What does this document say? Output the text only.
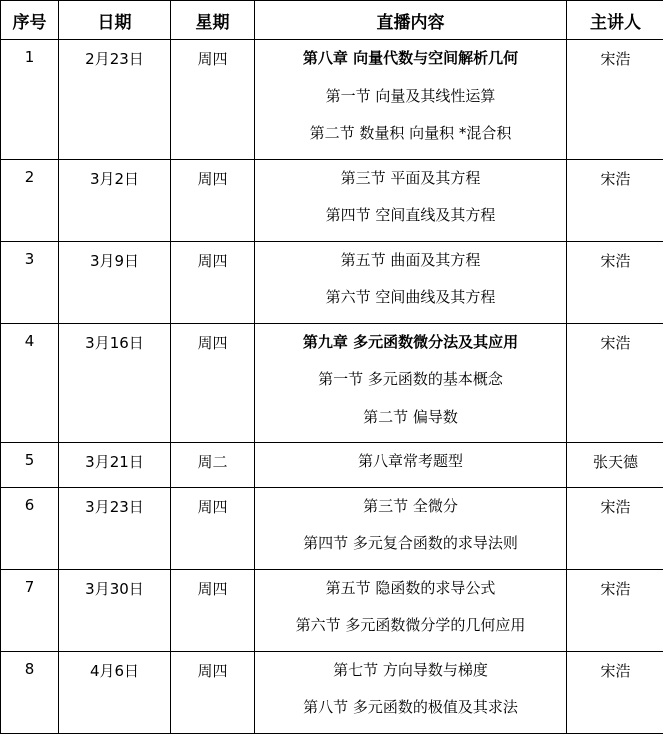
序号	日期	星期	直播内容	主讲人
1	2月23日	周四	第八章 向量代数与空间解析几何
第一节 向量及其线性运算
第二节 数量积 向量积 *混合积	宋浩
2	3月2日	周四	第三节 平面及其方程
第四节 空间直线及其方程	宋浩
3	3月9日	周四	第五节 曲面及其方程
第六节 空间曲线及其方程	宋浩
4	3月16日	周四	第九章 多元函数微分法及其应用
第一节 多元函数的基本概念
第二节 偏导数	宋浩
5	3月21日	周二	第八章常考题型	张天德
6	3月23日	周四	第三节 全微分
第四节 多元复合函数的求导法则	宋浩
7	3月30日	周四	第五节 隐函数的求导公式
第六节 多元函数微分学的几何应用	宋浩
8	4月6日	周四	第七节 方向导数与梯度
第八节 多元函数的极值及其求法	宋浩
